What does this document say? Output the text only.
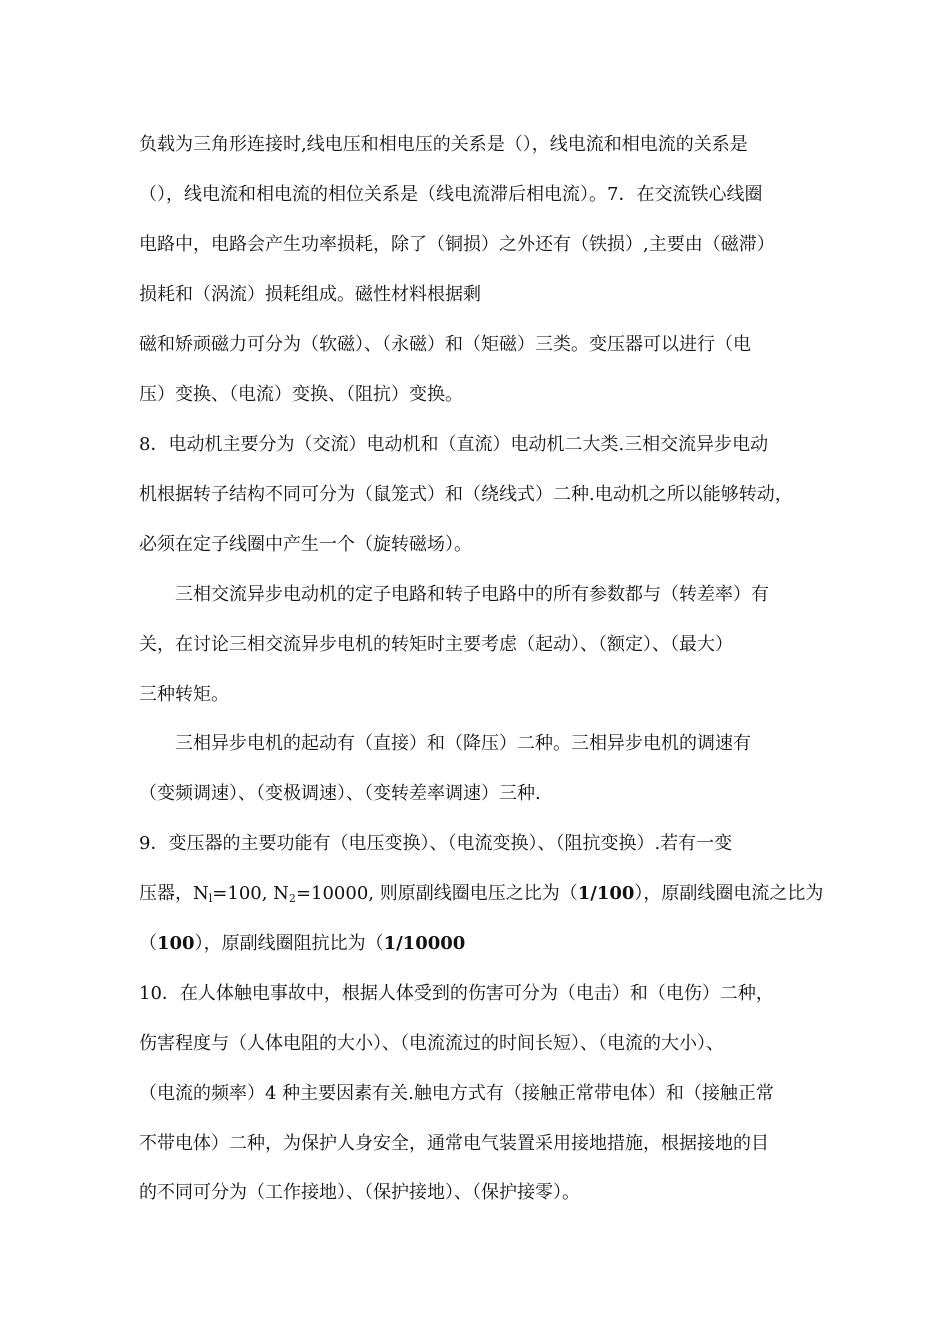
负载为三角形连接时,线电压和相电压的关系是（），线电流和相电流的关系是
（），线电流和相电流的相位关系是（线电流滞后相电流）。7．在交流铁心线圈
电路中，电路会产生功率损耗，除了（铜损）之外还有（铁损）,主要由（磁滞）
损耗和（涡流）损耗组成。磁性材料根据剩
磁和矫顽磁力可分为（软磁）、（永磁）和（矩磁）三类。变压器可以进行（电
压）变换、（电流）变换、（阻抗）变换。
8．电动机主要分为（交流）电动机和（直流）电动机二大类.三相交流异步电动
机根据转子结构不同可分为（鼠笼式）和（绕线式）二种.电动机之所以能够转动，
必须在定子线圈中产生一个（旋转磁场）。
三相交流异步电动机的定子电路和转子电路中的所有参数都与（转差率）有
关，在讨论三相交流异步电机的转矩时主要考虑（起动）、（额定）、（最大）
三种转矩。
三相异步电机的起动有（直接）和（降压）二种。三相异步电机的调速有
（变频调速）、（变极调速）、（变转差率调速）三种.
9．变压器的主要功能有（电压变换）、（电流变换）、（阻抗变换）.若有一变
压器，$N_l=100$, $N_2=10000$, 则原副线圈电压之比为（1/100），原副线圈电流之比为
（100），原副线圈阻抗比为（1/10000
10．在人体触电事故中，根据人体受到的伤害可分为（电击）和（电伤）二种，
伤害程度与（人体电阻的大小）、（电流流过的时间长短）、（电流的大小）、
（电流的频率）4 种主要因素有关.触电方式有（接触正常带电体）和（接触正常
不带电体）二种，为保护人身安全，通常电气装置采用接地措施，根据接地的目
的不同可分为（工作接地）、（保护接地）、（保护接零）。
